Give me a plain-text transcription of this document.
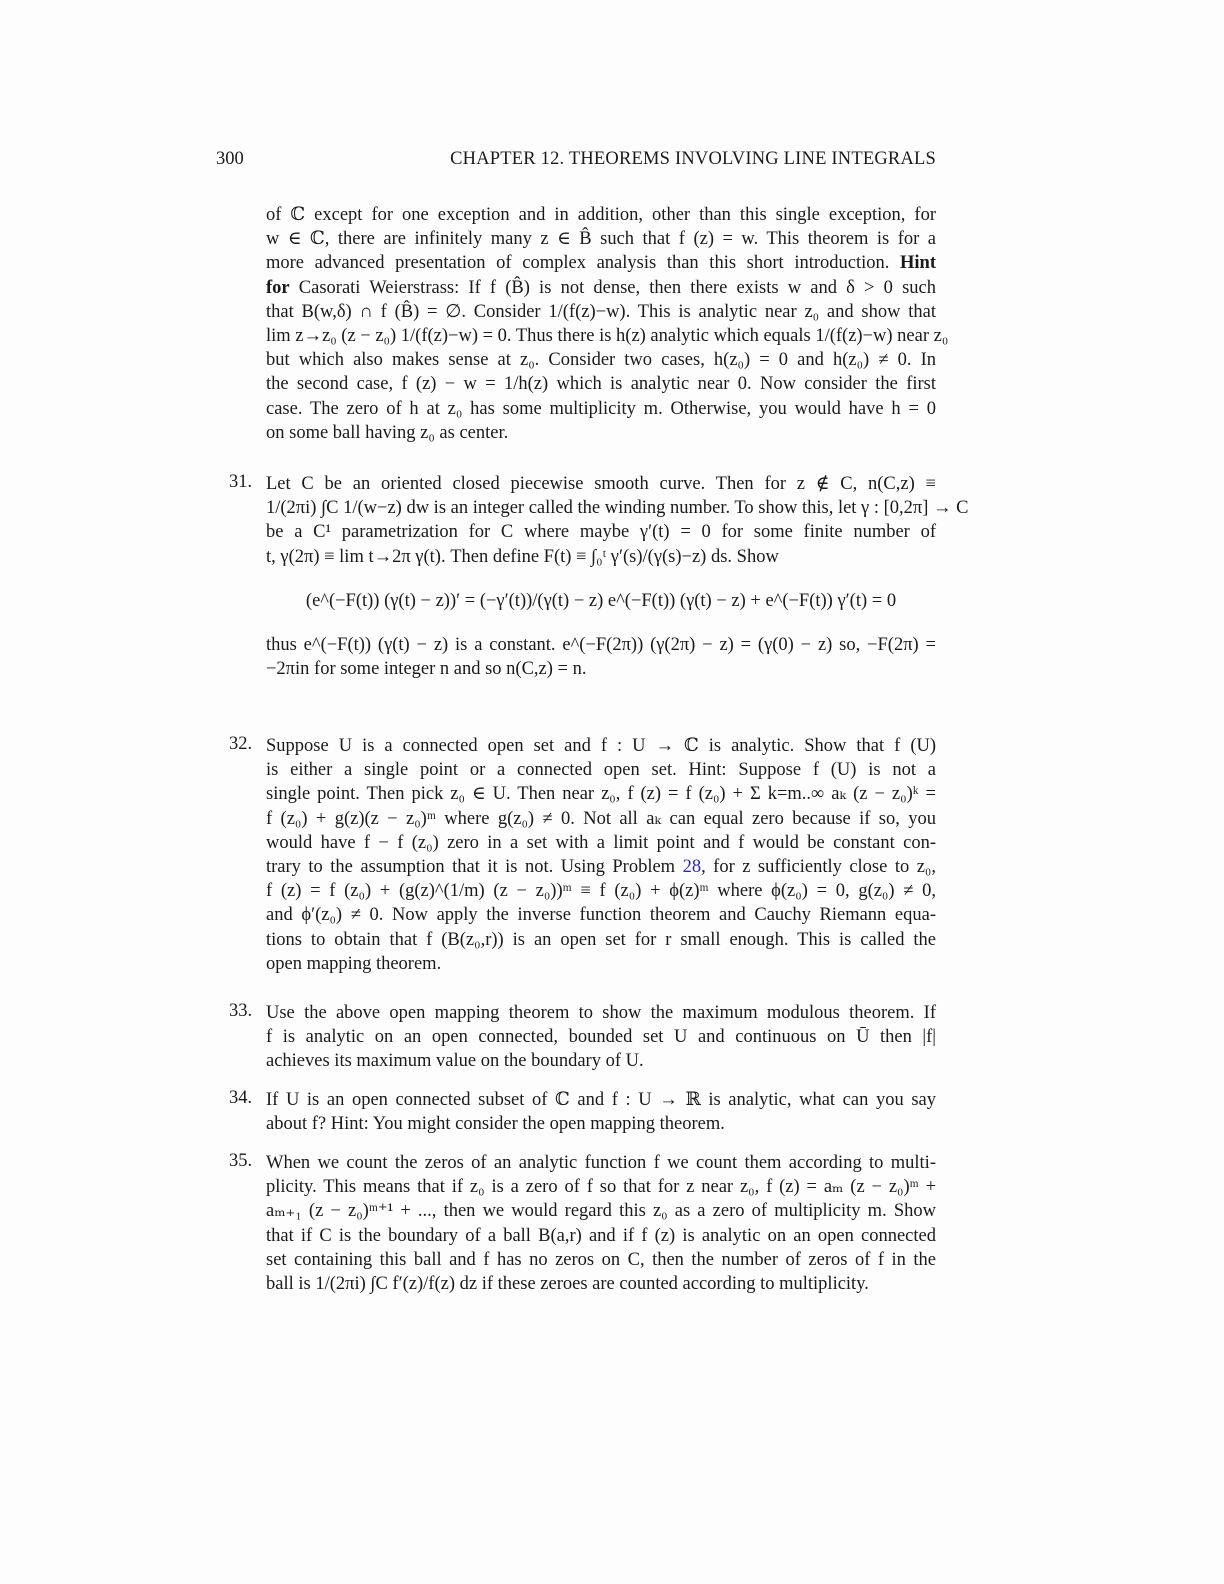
300	CHAPTER 12. THEOREMS INVOLVING LINE INTEGRALS
of ℂ except for one exception and in addition, other than this single exception, for
w ∈ ℂ, there are infinitely many z ∈ B̂ such that f (z) = w. This theorem is for a
more advanced presentation of complex analysis than this short introduction. Hint
for Casorati Weierstrass: If f (B̂) is not dense, then there exists w and δ > 0 such
that B(w,δ) ∩ f (B̂) = ∅. Consider 1/(f(z)−w). This is analytic near z₀ and show that
lim z→z₀ (z − z₀) 1/(f(z)−w) = 0. Thus there is h(z) analytic which equals 1/(f(z)−w) near z₀
but which also makes sense at z₀. Consider two cases, h(z₀) = 0 and h(z₀) ≠ 0. In
the second case, f (z) − w = 1/h(z) which is analytic near 0. Now consider the first
case. The zero of h at z₀ has some multiplicity m. Otherwise, you would have h = 0
on some ball having z₀ as center.
31. Let C be an oriented closed piecewise smooth curve. Then for z ∉ C, n(C,z) ≡
1/(2πi) ∫C 1/(w−z) dw is an integer called the winding number. To show this, let γ : [0,2π] → C
be a C¹ parametrization for C where maybe γ′(t) = 0 for some finite number of
t, γ(2π) ≡ lim t→2π γ(t). Then define F(t) ≡ ∫₀ᵗ γ′(s)/(γ(s)−z) ds. Show
(e^(−F(t)) (γ(t) − z))′ = (−γ′(t))/(γ(t) − z) e^(−F(t)) (γ(t) − z) + e^(−F(t)) γ′(t) = 0
thus e^(−F(t)) (γ(t) − z) is a constant. e^(−F(2π)) (γ(2π) − z) = (γ(0) − z) so, −F(2π) =
−2πin for some integer n and so n(C,z) = n.
32. Suppose U is a connected open set and f : U → ℂ is analytic. Show that f (U)
is either a single point or a connected open set. Hint: Suppose f (U) is not a
single point. Then pick z₀ ∈ U. Then near z₀, f (z) = f (z₀) + Σ k=m..∞ aₖ (z − z₀)ᵏ =
f (z₀) + g(z)(z − z₀)ᵐ where g(z₀) ≠ 0. Not all aₖ can equal zero because if so, you
would have f − f (z₀) zero in a set with a limit point and f would be constant con-
trary to the assumption that it is not. Using Problem 28, for z sufficiently close to z₀,
f (z) = f (z₀) + (g(z)^(1/m) (z − z₀))ᵐ ≡ f (z₀) + ϕ(z)ᵐ where ϕ(z₀) = 0, g(z₀) ≠ 0,
and ϕ′(z₀) ≠ 0. Now apply the inverse function theorem and Cauchy Riemann equa-
tions to obtain that f (B(z₀,r)) is an open set for r small enough. This is called the
open mapping theorem.
33. Use the above open mapping theorem to show the maximum modulous theorem. If
f is analytic on an open connected, bounded set U and continuous on Ū then |f|
achieves its maximum value on the boundary of U.
34. If U is an open connected subset of ℂ and f : U → ℝ is analytic, what can you say
about f? Hint: You might consider the open mapping theorem.
35. When we count the zeros of an analytic function f we count them according to multi-
plicity. This means that if z₀ is a zero of f so that for z near z₀, f (z) = aₘ (z − z₀)ᵐ +
aₘ₊₁ (z − z₀)ᵐ⁺¹ + ..., then we would regard this z₀ as a zero of multiplicity m. Show
that if C is the boundary of a ball B(a,r) and if f (z) is analytic on an open connected
set containing this ball and f has no zeros on C, then the number of zeros of f in the
ball is 1/(2πi) ∫C f′(z)/f(z) dz if these zeroes are counted according to multiplicity.
